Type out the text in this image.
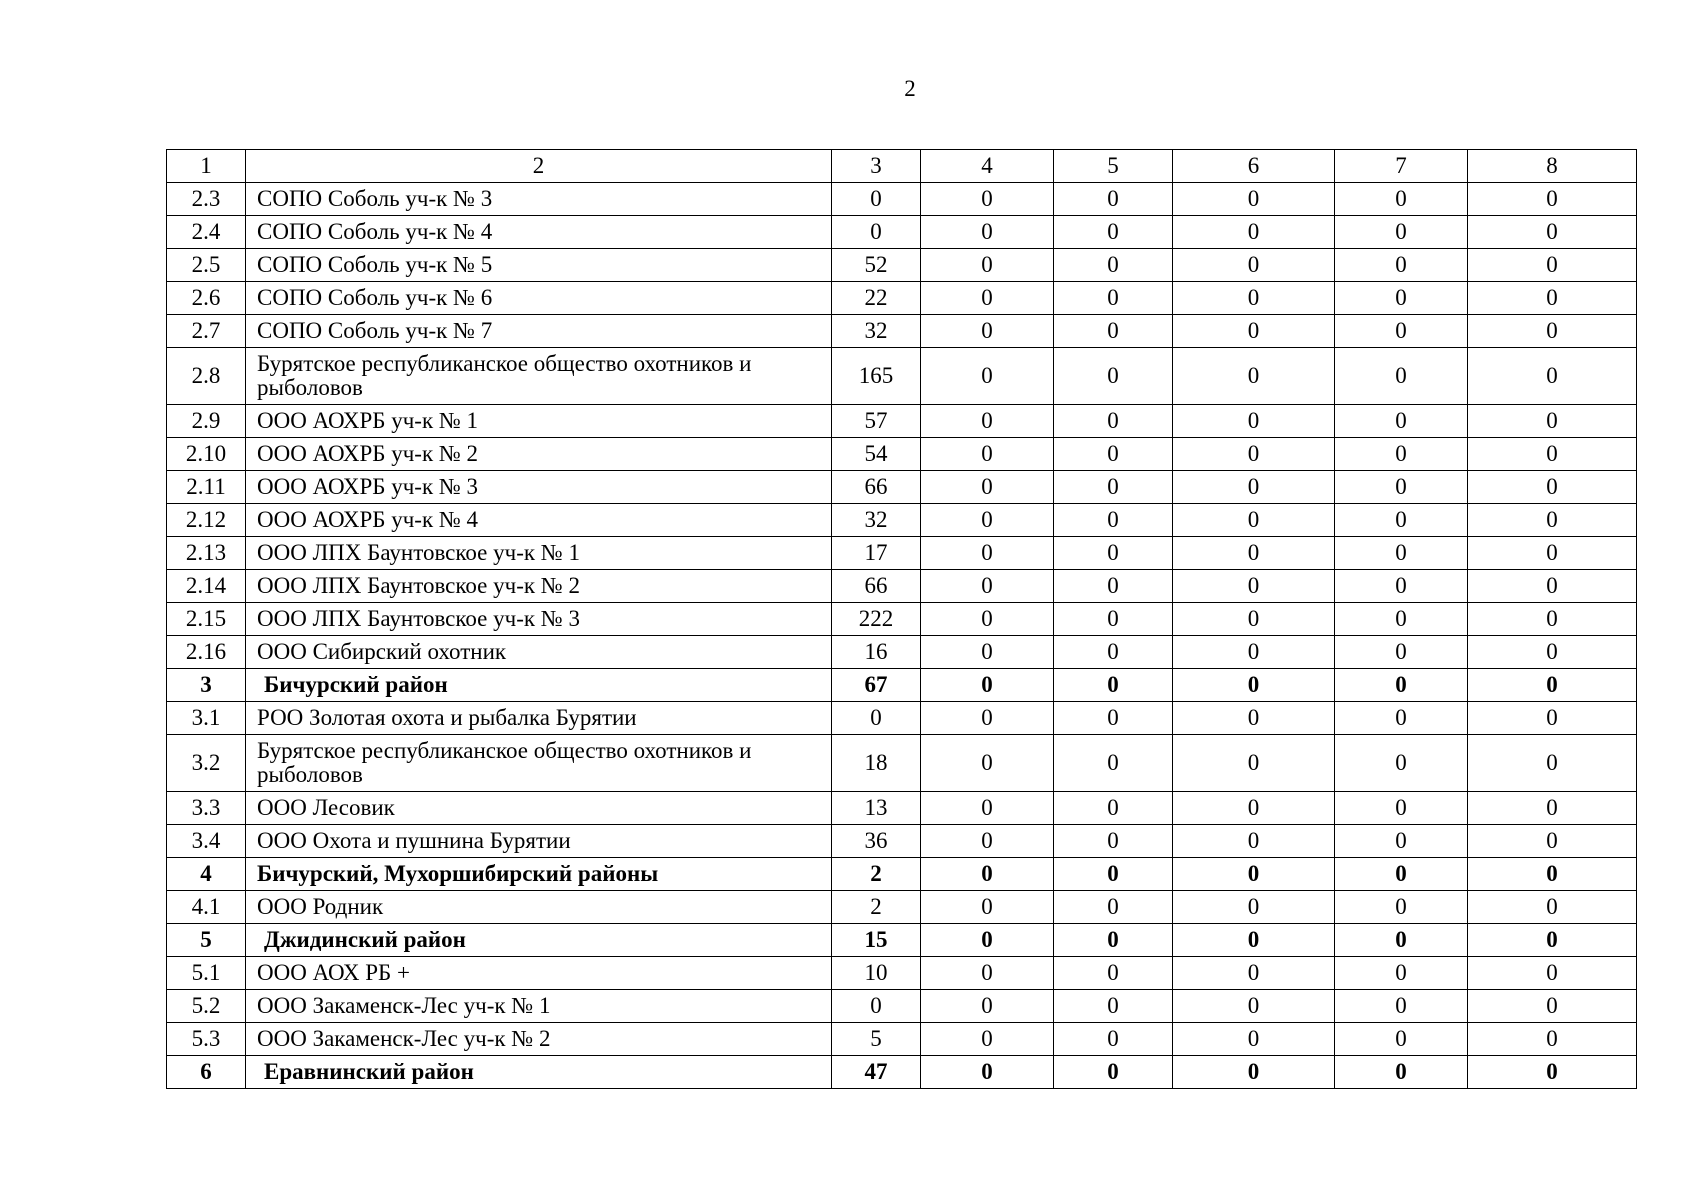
2
1	2	3	4	5	6	7	8
2.3	СОПО Соболь уч-к № 3	0	0	0	0	0	0
2.4	СОПО Соболь уч-к № 4	0	0	0	0	0	0
2.5	СОПО Соболь уч-к № 5	52	0	0	0	0	0
2.6	СОПО Соболь уч-к № 6	22	0	0	0	0	0
2.7	СОПО Соболь уч-к № 7	32	0	0	0	0	0
2.8	Бурятское республиканское общество охотников и рыболовов	165	0	0	0	0	0
2.9	ООО АОХРБ уч-к № 1	57	0	0	0	0	0
2.10	ООО АОХРБ уч-к № 2	54	0	0	0	0	0
2.11	ООО АОХРБ уч-к № 3	66	0	0	0	0	0
2.12	ООО АОХРБ уч-к № 4	32	0	0	0	0	0
2.13	ООО ЛПХ Баунтовское уч-к № 1	17	0	0	0	0	0
2.14	ООО ЛПХ Баунтовское уч-к № 2	66	0	0	0	0	0
2.15	ООО ЛПХ Баунтовское уч-к № 3	222	0	0	0	0	0
2.16	ООО Сибирский охотник	16	0	0	0	0	0
3	Бичурский район	67	0	0	0	0	0
3.1	РОО Золотая охота и рыбалка Бурятии	0	0	0	0	0	0
3.2	Бурятское республиканское общество охотников и рыболовов	18	0	0	0	0	0
3.3	ООО Лесовик	13	0	0	0	0	0
3.4	ООО Охота и пушнина Бурятии	36	0	0	0	0	0
4	Бичурский, Мухоршибирский районы	2	0	0	0	0	0
4.1	ООО Родник	2	0	0	0	0	0
5	Джидинский район	15	0	0	0	0	0
5.1	ООО АОХ РБ +	10	0	0	0	0	0
5.2	ООО Закаменск-Лес уч-к № 1	0	0	0	0	0	0
5.3	ООО Закаменск-Лес уч-к № 2	5	0	0	0	0	0
6	Еравнинский район	47	0	0	0	0	0
